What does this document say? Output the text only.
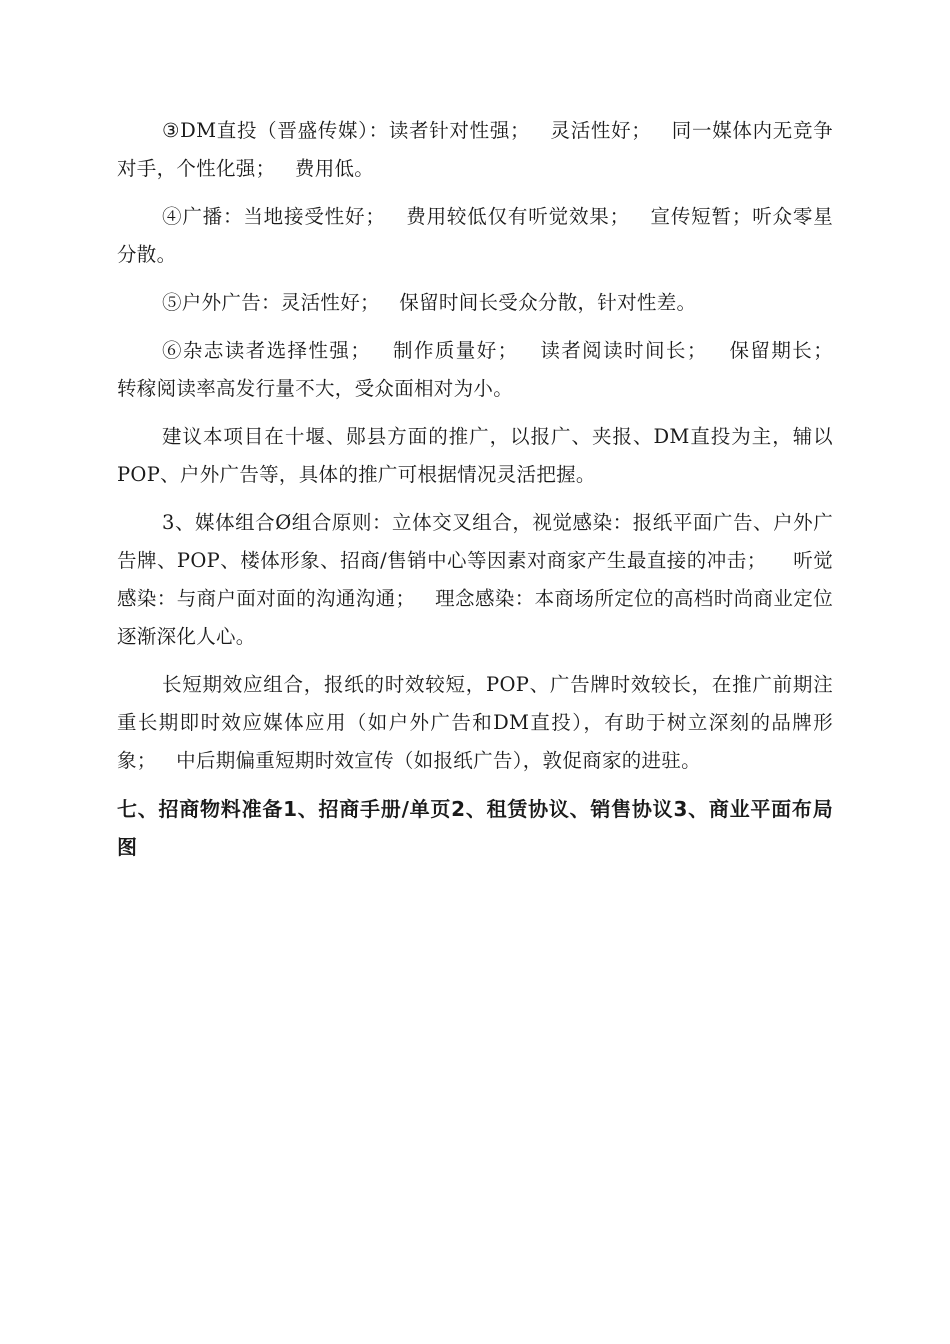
③DM直投（晋盛传媒）：读者针对性强；   灵活性好；   同一媒体内无竞争对手，个性化强；   费用低。

④广播：当地接受性好；   费用较低仅有听觉效果；   宣传短暂；听众零星分散。

⑤户外广告：灵活性好；   保留时间长受众分散，针对性差。

⑥杂志读者选择性强；   制作质量好；   读者阅读时间长；   保留期长；   转稼阅读率高发行量不大，受众面相对为小。

建议本项目在十堰、郧县方面的推广，以报广、夹报、DM直投为主，辅以POP、户外广告等，具体的推广可根据情况灵活把握。

3、媒体组合Ø组合原则：立体交叉组合，视觉感染：报纸平面广告、户外广告牌、POP、楼体形象、招商/售销中心等因素对商家产生最直接的冲击；    听觉感染：与商户面对面的沟通沟通；   理念感染：本商场所定位的高档时尚商业定位逐渐深化人心。

长短期效应组合，报纸的时效较短，POP、广告牌时效较长，在推广前期注重长期即时效应媒体应用（如户外广告和DM直投），有助于树立深刻的品牌形象；   中后期偏重短期时效宣传（如报纸广告），敦促商家的进驻。

七、招商物料准备1、招商手册/单页2、租赁协议、销售协议3、商业平面布局图
